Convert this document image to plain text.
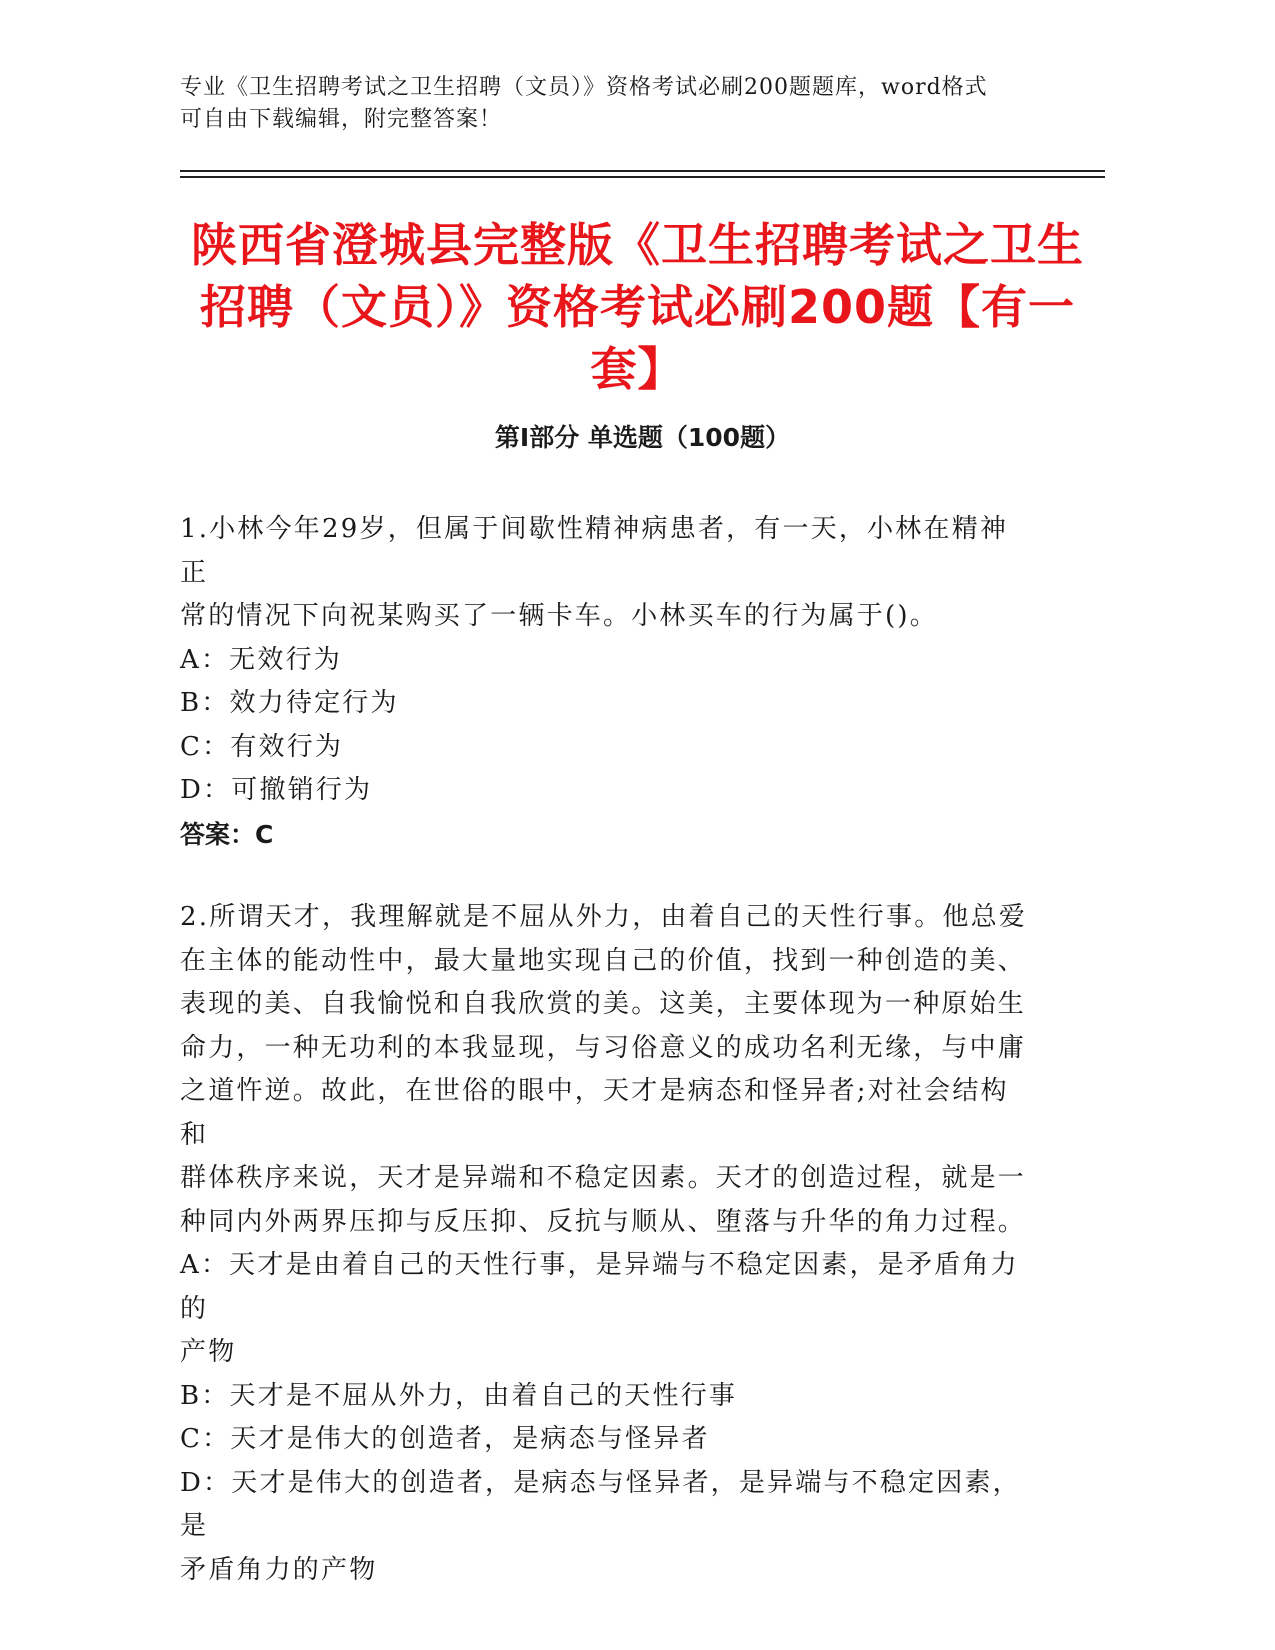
专业《卫生招聘考试之卫生招聘（文员）》资格考试必刷200题题库，word格式
可自由下载编辑，附完整答案！
陕西省澄城县完整版《卫生招聘考试之卫生
招聘（文员）》资格考试必刷200题【有一
套】
第I部分 单选题（100题）

1.小林今年29岁，但属于间歇性精神病患者，有一天，小林在精神正

常的情况下向祝某购买了一辆卡车。小林买车的行为属于()。

A：无效行为

B：效力待定行为

C：有效行为

D：可撤销行为

答案：C

2.所谓天才，我理解就是不屈从外力，由着自己的天性行事。他总爱

在主体的能动性中，最大量地实现自己的价值，找到一种创造的美、

表现的美、自我愉悦和自我欣赏的美。这美，主要体现为一种原始生

命力，一种无功利的本我显现，与习俗意义的成功名利无缘，与中庸

之道忤逆。故此，在世俗的眼中，天才是病态和怪异者;对社会结构和

群体秩序来说，天才是异端和不稳定因素。天才的创造过程，就是一

种同内外两界压抑与反压抑、反抗与顺从、堕落与升华的角力过程。

A：天才是由着自己的天性行事，是异端与不稳定因素，是矛盾角力的

产物

B：天才是不屈从外力，由着自己的天性行事

C：天才是伟大的创造者，是病态与怪异者

D：天才是伟大的创造者，是病态与怪异者，是异端与不稳定因素，是

矛盾角力的产物
